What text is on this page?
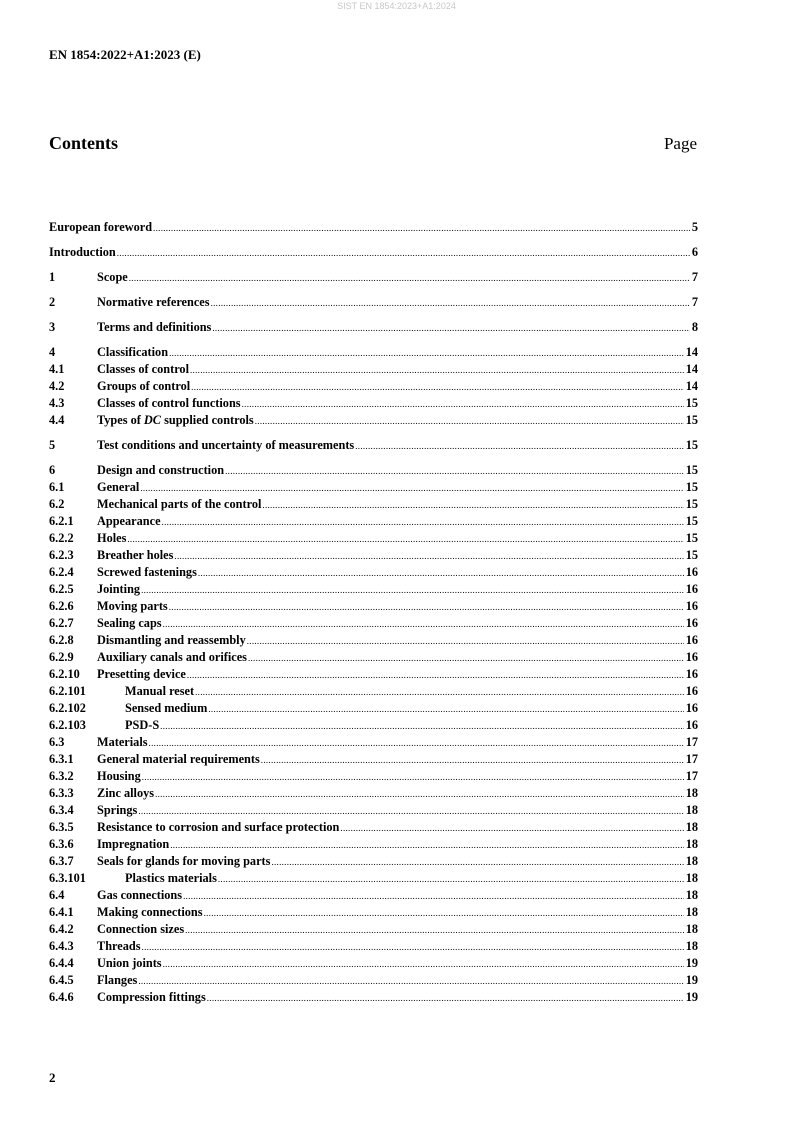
SIST EN 1854:2023+A1:2024
EN 1854:2022+A1:2023 (E)
Contents	Page
European foreword .....	5
Introduction .....	6
1	Scope .....	7
2	Normative references .....	7
3	Terms and definitions .....	8
4	Classification .....	14
4.1	Classes of control .....	14
4.2	Groups of control .....	14
4.3	Classes of control functions .....	15
4.4	Types of DC supplied controls .....	15
5	Test conditions and uncertainty of measurements .....	15
6	Design and construction .....	15
6.1	General .....	15
6.2	Mechanical parts of the control .....	15
6.2.1	Appearance .....	15
6.2.2	Holes .....	15
6.2.3	Breather holes .....	15
6.2.4	Screwed fastenings .....	16
6.2.5	Jointing .....	16
6.2.6	Moving parts .....	16
6.2.7	Sealing caps .....	16
6.2.8	Dismantling and reassembly .....	16
6.2.9	Auxiliary canals and orifices .....	16
6.2.10	Presetting device .....	16
6.2.101	Manual reset .....	16
6.2.102	Sensed medium .....	16
6.2.103	PSD-S .....	16
6.3	Materials .....	17
6.3.1	General material requirements .....	17
6.3.2	Housing .....	17
6.3.3	Zinc alloys .....	18
6.3.4	Springs .....	18
6.3.5	Resistance to corrosion and surface protection .....	18
6.3.6	Impregnation .....	18
6.3.7	Seals for glands for moving parts .....	18
6.3.101	Plastics materials .....	18
6.4	Gas connections .....	18
6.4.1	Making connections .....	18
6.4.2	Connection sizes .....	18
6.4.3	Threads .....	18
6.4.4	Union joints .....	19
6.4.5	Flanges .....	19
6.4.6	Compression fittings .....	19
2
